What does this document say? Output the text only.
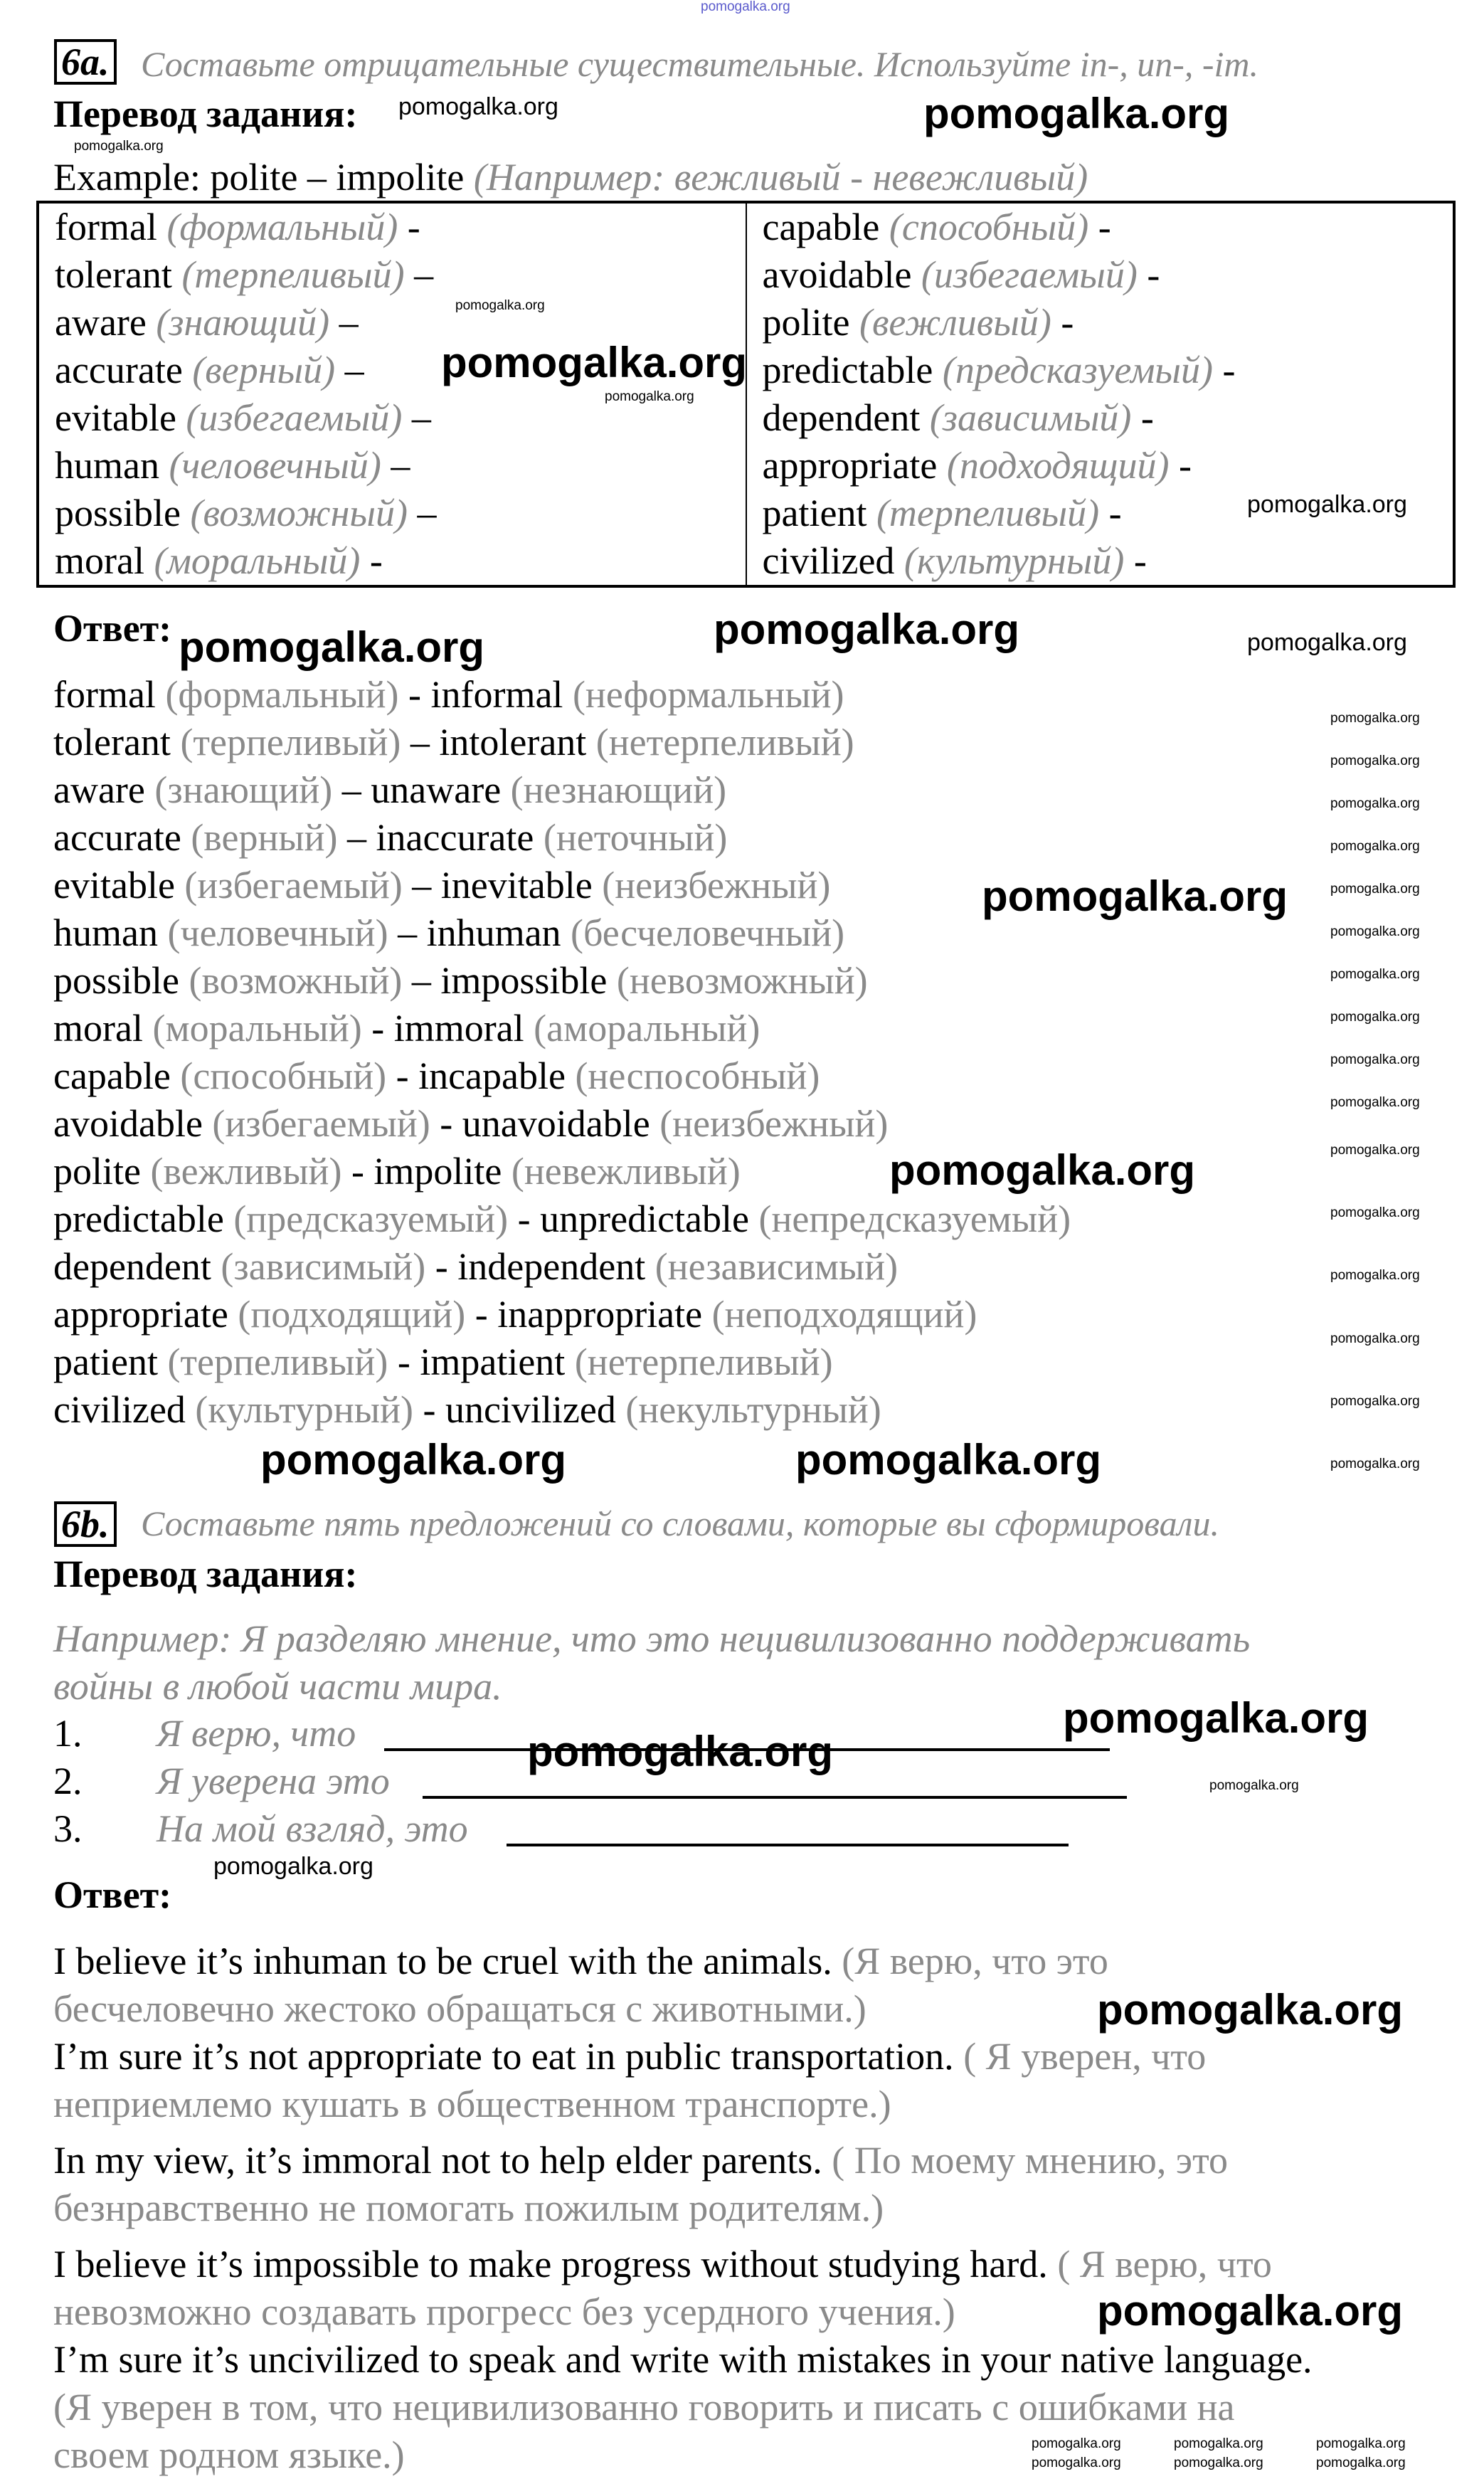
6a. Составьте отрицательные существительные. Используйте in-, un-, -im.
Перевод задания:
Example: polite – impolite (Например: вежливый - невежливый)
formal (формальный) -
tolerant (терпеливый) –
aware (знающий) –
accurate (верный) –
evitable (избегаемый) –
human (человечный) –
possible (возможный) –
moral (моральный) -

capable (способный) -
avoidable (избегаемый) -
polite (вежливый) -
predictable (предсказуемый) -
dependent (зависимый) -
appropriate (подходящий) -
patient (терпеливый) -
civilized (культурный) -
Ответ:
formal (формальный) - informal (неформальный)
tolerant (терпеливый) – intolerant (нетерпеливый)
aware (знающий) – unaware (незнающий)
accurate (верный) – inaccurate (неточный)
evitable (избегаемый) – inevitable (неизбежный)
human (человечный) – inhuman (бесчеловечный)
possible (возможный) – impossible (невозможный)
moral (моральный) - immoral (аморальный)
capable (способный) - incapable (неспособный)
avoidable (избегаемый) - unavoidable (неизбежный)
polite (вежливый) - impolite (невежливый)
predictable (предсказуемый) - unpredictable (непредсказуемый)
dependent (зависимый) - independent (независимый)
appropriate (подходящий) - inappropriate (неподходящий)
patient (терпеливый) - impatient (нетерпеливый)
civilized (культурный) - uncivilized (некультурный)
6b. Составьте пять предложений со словами, которые вы сформировали.
Перевод задания:
Например: Я разделяю мнение, что это нецивилизованно поддерживать
войны в любой части мира.
1. Я верю, что
2. Я уверена это
3. На мой взгляд, это
Ответ:
I believe it’s inhuman to be cruel with the animals. (Я верю, что это
бесчеловечно жестоко обращаться с животными.)
I’m sure it’s not appropriate to eat in public transportation. ( Я уверен, что
неприемлемо кушать в общественном транспорте.)
In my view, it’s immoral not to help elder parents. ( По моему мнению, это
безнравственно не помогать пожилым родителям.)
I believe it’s impossible to make progress without studying hard. ( Я верю, что
невозможно создавать прогресс без усердного учения.)
I’m sure it’s uncivilized to speak and write with mistakes in your native language.
(Я уверен в том, что нецивилизованно говорить и писать с ошибками на
своем родном языке.)
pomogalka.org
pomogalka.org
pomogalka.org
pomogalka.org	pomogalka.org
pomogalka.org
pomogalka.org
pomogalka.org
pomogalka.org
pomogalka.org
pomogalka.org
pomogalka.org
pomogalka.org
pomogalka.org
pomogalka.org
pomogalka.org
pomogalka.org
pomogalka.org
pomogalka.org
pomogalka.org
pomogalka.org
pomogalka.org
pomogalka.org
pomogalka.org
pomogalka.org
pomogalka.org
pomogalka.org
pomogalka.org
pomogalka.org
pomogalka.org
pomogalka.org
pomogalka.org
pomogalka.org
pomogalka.org
pomogalka.org
pomogalka.org
pomogalka.org
pomogalka.org	pomogalka.org	pomogalka.org
pomogalka.org	pomogalka.org	pomogalka.org
